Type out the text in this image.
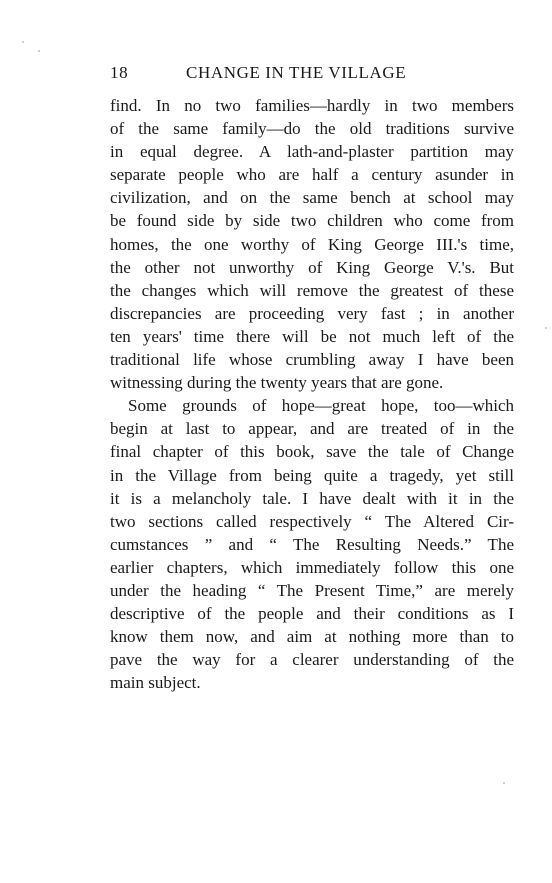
18	CHANGE IN THE VILLAGE
find. In no two families—hardly in two members
of the same family—do the old traditions survive
in equal degree. A lath-and-plaster partition may
separate people who are half a century asunder in
civilization, and on the same bench at school may
be found side by side two children who come from
homes, the one worthy of King George III.'s time,
the other not unworthy of King George V.'s. But
the changes which will remove the greatest of these
discrepancies are proceeding very fast ; in another
ten years' time there will be not much left of the
traditional life whose crumbling away I have been
witnessing during the twenty years that are gone.
Some grounds of hope—great hope, too—which
begin at last to appear, and are treated of in the
final chapter of this book, save the tale of Change
in the Village from being quite a tragedy, yet still
it is a melancholy tale. I have dealt with it in the
two sections called respectively “ The Altered Cir-
cumstances ” and “ The Resulting Needs.” The
earlier chapters, which immediately follow this one
under the heading “ The Present Time,” are merely
descriptive of the people and their conditions as I
know them now, and aim at nothing more than to
pave the way for a clearer understanding of the
main subject.
